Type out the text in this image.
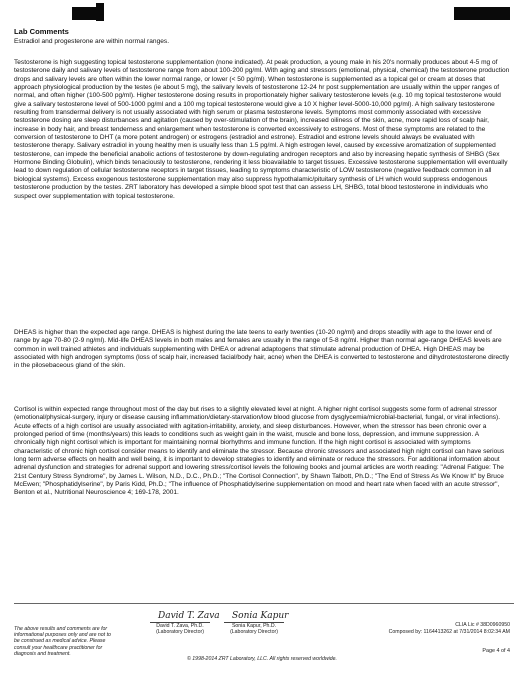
Lab Comments
Estradiol and progesterone are within normal ranges.

Testosterone is high suggesting topical testosterone supplementation (none indicated). At peak production, a young male in his 20's normally produces about 4-5 mg of testosterone daily and salivary levels of testosterone range from about 100-200 pg/ml. With aging and stressors (emotional, physical, chemical) the testosterone production drops and salivary levels are often within the lower normal range, or lower (< 50 pg/ml). When testosterone is supplemented as a topical gel or cream at doses that approach physiological production by the testes (ie about 5 mg), the salivary levels of testosterone 12-24 hr post supplementation are usually within the upper ranges of normal, and often higher (100-500 pg/ml). Higher testosterone dosing results in proportionately higher salivary testosterone levels (e.g. 10 mg topical testosterone would give a salivary testosterone level of 500-1000 pg/ml and a 100 mg topical testosterone would give a 10 X higher level-5000-10,000 pg/ml). A high salivary testosterone resulting from transdermal delivery is not usually associated with high serum or plasma testosterone levels. Symptoms most commonly associated with excessive testosterone dosing are sleep disturbances and agitation (caused by over-stimulation of the brain), increased oiliness of the skin, acne, more rapid loss of scalp hair, increase in body hair, and breast tenderness and enlargement when testosterone is converted excessively to estrogens. Most of these symptoms are related to the conversion of testosterone to DHT (a more potent androgen) or estrogens (estradiol and estrone). Estradiol and estrone levels should always be evaluated with testosterone therapy. Salivary estradiol in young healthy men is usually less than 1.5 pg/ml. A high estrogen level, caused by excessive aromatization of supplemented testosterone, can impede the beneficial anabolic actions of testosterone by down-regulating androgen receptors and also by increasing hepatic synthesis of SHBG (Sex Hormone Binding Globulin), which binds tenaciously to testosterone, rendering it less bioavailable to target tissues. Excessive testosterone supplementation will eventually lead to down regulation of cellular testosterone receptors in target tissues, leading to symptoms characteristic of LOW testosterone (negative feedback common in all biological systems). Excess exogenous testosterone supplementation may also suppress hypothalamic/pituitary synthesis of LH which would suppress endogenous testosterone production by the testes. ZRT laboratory has developed a simple blood spot test that can assess LH, SHBG, total blood testosterone in individuals who suspect over supplementation with topical testosterone.

DHEAS is higher than the expected age range. DHEAS is highest during the late teens to early twenties (10-20 ng/ml) and drops steadily with age to the lower end of range by age 70-80 (2-9 ng/ml). Mid-life DHEAS levels in both males and females are usually in the range of 5-8 ng/ml. Higher than normal age-range DHEAS levels are common in well trained athletes and individuals supplementing with DHEA or adrenal adaptogens that stimulate adrenal production of DHEA. High DHEAS may be associated with high androgen symptoms (loss of scalp hair, increased facial/body hair, acne) when the DHEA is converted to testosterone and dihydrotestosterone directly in the pilosebaceous gland of the skin.

Cortisol is within expected range throughout most of the day but rises to a slightly elevated level at night. A higher night cortisol suggests some form of adrenal stressor (emotional/physical-surgery, injury or disease causing inflammation/dietary-starvation/low blood glucose from dysglycemia/microbial-bacterial, fungal, or viral infections). Acute effects of a high cortisol are usually associated with agitation-irritability, anxiety, and sleep disturbances. However, when the stressor has been chronic over a prolonged period of time (months/years) this leads to conditions such as weight gain in the waist, muscle and bone loss, depression, and immune suppression. A chronically high night cortisol which is important for maintaining normal biorhythms and immune function. If the high night cortisol is associated with symptoms characteristic of chronic high cortisol consider means to identify and eliminate the stressor. Because chronic stressors and associated high night cortisol can have serious long term adverse effects on health and well being, it is important to develop strategies to identify and eliminate or reduce the stressors. For additional information about adrenal dysfunction and strategies for adrenal support and lowering stress/cortisol levels the following books and journal articles are worth reading: "Adrenal Fatigue: The 21st Century Stress Syndrome", by James L. Wilson, N.D., D.C., Ph.D.; "The Cortisol Connection", by Shawn Talbott, Ph.D.; "The End of Stress As We Know It" by Bruce McEwen; "Phosphatidylserine", by Paris Kidd, Ph.D.; "The influence of Phosphatidylserine supplementation on mood and heart rate when faced with an acute stressor", Benton et al., Nutritional Neuroscience 4; 169-178, 2001.

The above results and comments are for informational purposes only and are not to be construed as medical advice. Please consult your healthcare practitioner for diagnosis and treatment.
David T. Zava
David T. Zava, Ph.D.
(Laboratory Director)
Sonia Kapur
Sonia Kapur, Ph.D.
(Laboratory Director)
CLIA Lic # 38D0960950
Composed by: 1164413262 at 7/31/2014 8:02:34 AM
Page 4 of 4
© 1998-2014 ZRT Laboratory, LLC. All rights reserved worldwide.
